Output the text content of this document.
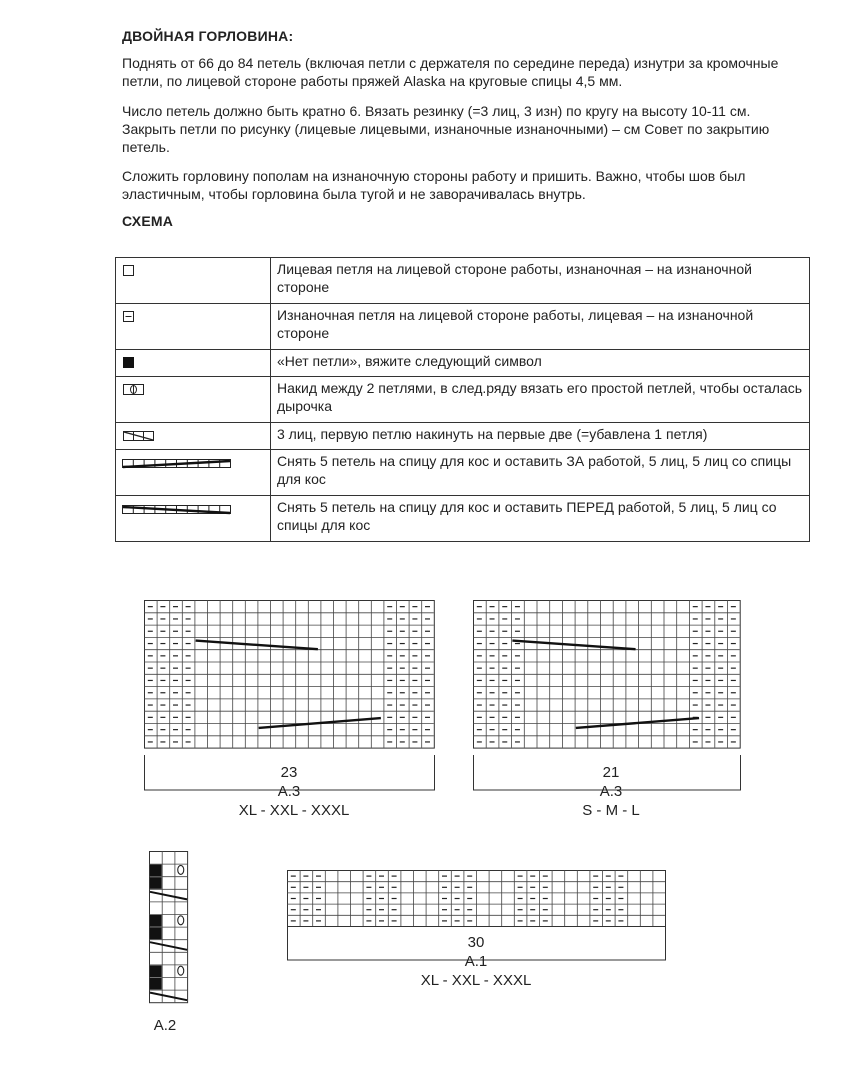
ДВОЙНАЯ ГОРЛОВИНА:
Поднять от 66 до 84 петель (включая петли с держателя по середине переда) изнутри за кромочные петли, по лицевой стороне работы пряжей Alaska на круговые спицы 4,5 мм.
Число петель должно быть кратно 6. Вязать резинку (=3 лиц, 3 изн) по кругу на высоту 10-11 см. Закрыть петли по рисунку (лицевые лицевыми, изнаночные изнаночными) – см Совет по закрытию петель.
Сложить горловину пополам на изнаночную стороны работу и пришить. Важно, чтобы шов был эластичным, чтобы горловина была тугой и не заворачивалась внутрь.
СХЕМА
	Лицевая петля на лицевой стороне работы, изнаночная – на изнаночной стороне
	Изнаночная петля на лицевой стороне работы, лицевая – на изнаночной стороне
	«Нет петли», вяжите следующий символ
	Накид между 2 петлями, в след.ряду вязать его простой петлей, чтобы осталась дырочка
	3 лиц, первую петлю накинуть на первые две (=убавлена 1 петля)
	Снять 5 петель на спицу для кос и оставить ЗА работой, 5 лиц, 5 лиц со спицы для кос
	Снять 5 петель на спицу для кос и оставить ПЕРЕД работой, 5 лиц, 5 лиц со спицы для кос
23
A.3
XL - XXL - XXXL
21
A.3
S - M - L
A.2
30
A.1
XL - XXL - XXXL
